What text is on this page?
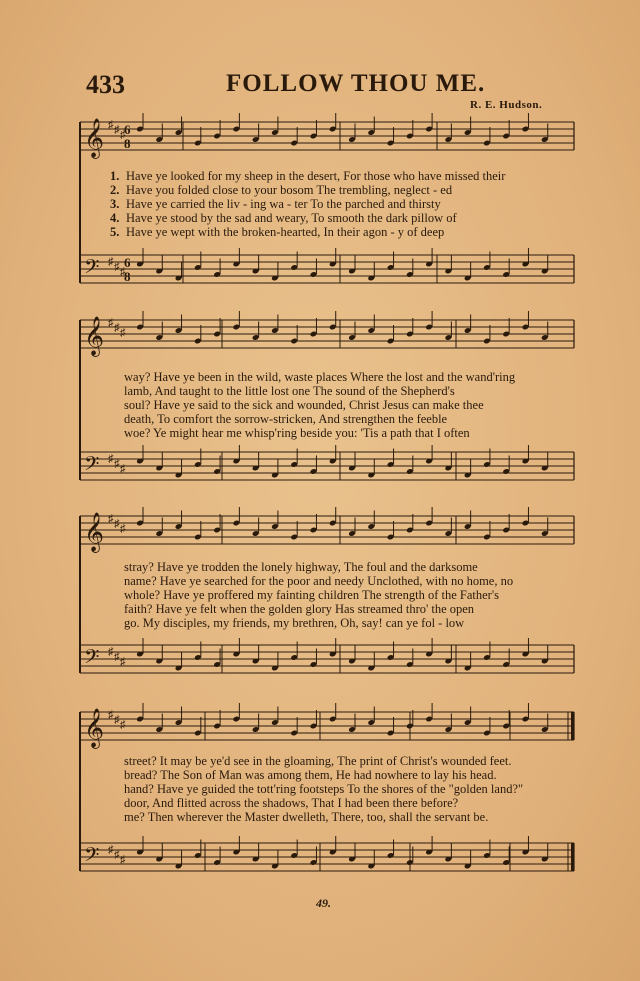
433	FOLLOW THOU ME.
R. E. Hudson.
𝄞
𝄢
♯
♯
♯
♯
♯
♯
𝄞
𝄢
♯
♯
♯
♯
♯
♯
𝄞
𝄢
♯
♯
♯
♯
♯
♯
𝄞
𝄢
♯
♯
♯
♯
♯
♯
6
8
6
8
1. Have ye looked for my sheep in the desert, For those who have missed their
2. Have you folded close to your bosom The trembling, neglect - ed
3. Have ye carried the liv - ing wa - ter To the parched and thirsty
4. Have ye stood by the sad and weary, To smooth the dark pillow of
5. Have ye wept with the broken-hearted, In their agon - y of deep
way? Have ye been in the wild, waste places Where the lost and the wand'ring
lamb, And taught to the little lost one The sound of the Shepherd's
soul? Have ye said to the sick and wounded, Christ Jesus can make thee
death, To comfort the sorrow-stricken, And strengthen the feeble
woe? Ye might hear me whisp'ring beside you: 'Tis a path that I often
stray? Have ye trodden the lonely highway, The foul and the darksome
name? Have ye searched for the poor and needy Unclothed, with no home, no
whole? Have ye proffered my fainting children The strength of the Father's
faith? Have ye felt when the golden glory Has streamed thro' the open
go. My disciples, my friends, my brethren, Oh, say! can ye fol - low
street? It may be ye'd see in the gloaming, The print of Christ's wounded feet.
bread? The Son of Man was among them, He had nowhere to lay his head.
hand? Have ye guided the tott'ring footsteps To the shores of the "golden land?"
door, And flitted across the shadows, That I had been there before?
me? Then wherever the Master dwelleth, There, too, shall the servant be.
49.
